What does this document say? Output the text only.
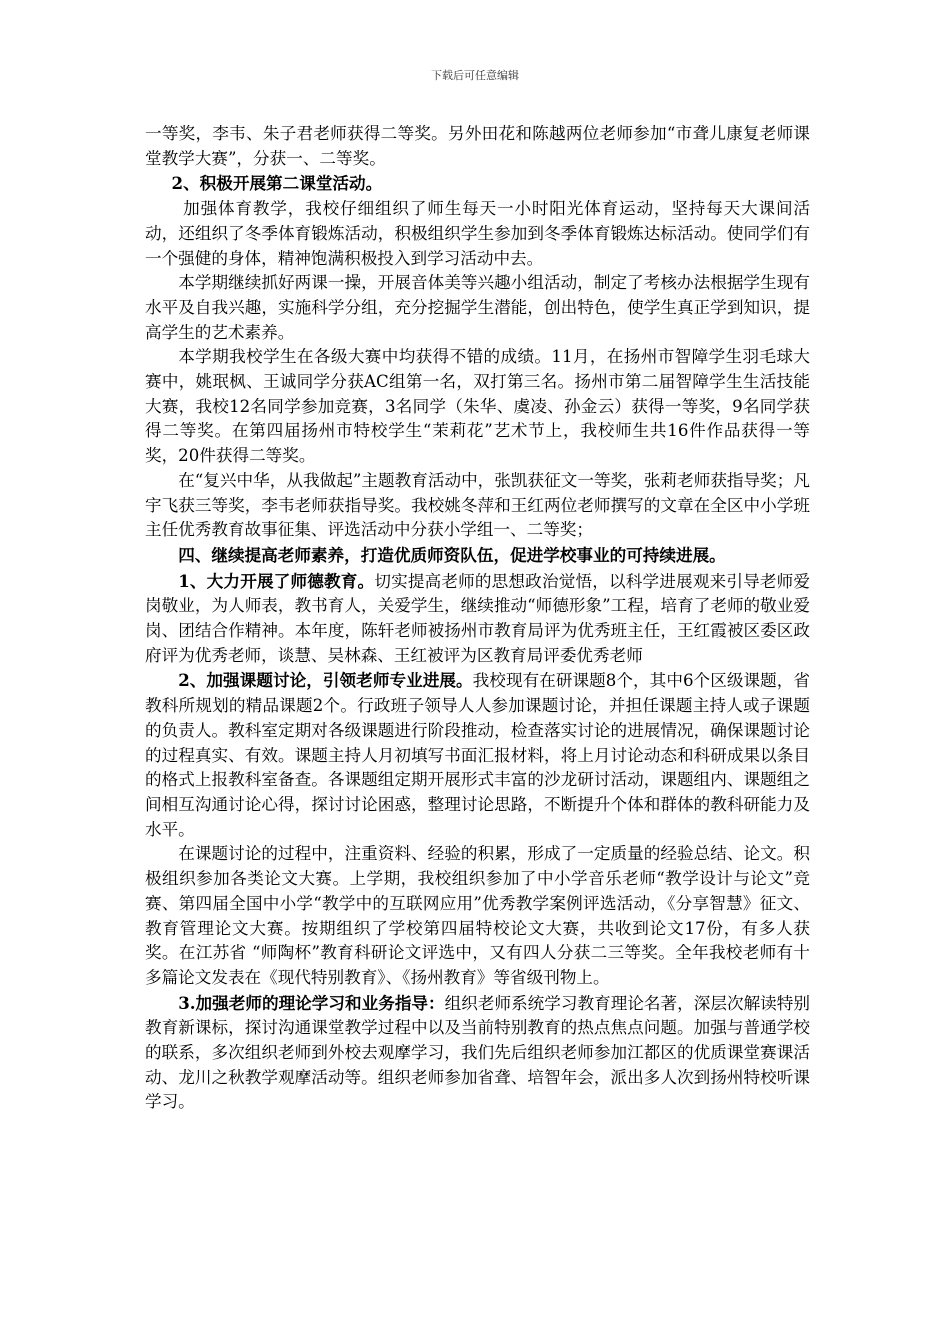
下载后可任意编辑

一等奖，李韦、朱子君老师获得二等奖。另外田花和陈越两位老师参加“市聋儿康复老师课堂教学大赛”，分获一、二等奖。

2、积极开展第二课堂活动。

加强体育教学，我校仔细组织了师生每天一小时阳光体育运动，坚持每天大课间活动，还组织了冬季体育锻炼活动，积极组织学生参加到冬季体育锻炼达标活动。使同学们有一个强健的身体，精神饱满积极投入到学习活动中去。

本学期继续抓好两课一操，开展音体美等兴趣小组活动，制定了考核办法根据学生现有水平及自我兴趣，实施科学分组，充分挖掘学生潜能，创出特色，使学生真正学到知识，提高学生的艺术素养。

本学期我校学生在各级大赛中均获得不错的成绩。11月，在扬州市智障学生羽毛球大赛中，姚珉枫、王诚同学分获AC组第一名，双打第三名。扬州市第二届智障学生生活技能大赛，我校12名同学参加竞赛，3名同学（朱华、虞凌、孙金云）获得一等奖，9名同学获得二等奖。在第四届扬州市特校学生“茉莉花”艺术节上，我校师生共16件作品获得一等奖，20件获得二等奖。

在“复兴中华，从我做起”主题教育活动中，张凯获征文一等奖，张莉老师获指导奖；凡宇飞获三等奖，李韦老师获指导奖。我校姚冬萍和王红两位老师撰写的文章在全区中小学班主任优秀教育故事征集、评选活动中分获小学组一、二等奖；

四、继续提高老师素养，打造优质师资队伍，促进学校事业的可持续进展。

1、大力开展了师德教育。切实提高老师的思想政治觉悟，以科学进展观来引导老师爱岗敬业，为人师表，教书育人，关爱学生，继续推动“师德形象”工程，培育了老师的敬业爱岗、团结合作精神。本年度，陈轩老师被扬州市教育局评为优秀班主任，王红霞被区委区政府评为优秀老师，谈慧、吴林森、王红被评为区教育局评委优秀老师

2、加强课题讨论，引领老师专业进展。我校现有在研课题8个，其中6个区级课题，省教科所规划的精品课题2个。行政班子领导人人参加课题讨论，并担任课题主持人或子课题的负责人。教科室定期对各级课题进行阶段推动，检查落实讨论的进展情况，确保课题讨论的过程真实、有效。课题主持人月初填写书面汇报材料，将上月讨论动态和科研成果以条目的格式上报教科室备查。各课题组定期开展形式丰富的沙龙研讨活动，课题组内、课题组之间相互沟通讨论心得，探讨讨论困惑，整理讨论思路，不断提升个体和群体的教科研能力及水平。

在课题讨论的过程中，注重资料、经验的积累，形成了一定质量的经验总结、论文。积极组织参加各类论文大赛。上学期，我校组织参加了中小学音乐老师“教学设计与论文”竞赛、第四届全国中小学“教学中的互联网应用”优秀教学案例评选活动，《分享智慧》征文、教育管理论文大赛。按期组织了学校第四届特校论文大赛，共收到论文17份，有多人获奖。在江苏省 “师陶杯”教育科研论文评选中，又有四人分获二三等奖。全年我校老师有十多篇论文发表在《现代特别教育》、《扬州教育》等省级刊物上。

3.加强老师的理论学习和业务指导：组织老师系统学习教育理论名著，深层次解读特别教育新课标，探讨沟通课堂教学过程中以及当前特别教育的热点焦点问题。加强与普通学校的联系，多次组织老师到外校去观摩学习，我们先后组织老师参加江都区的优质课堂赛课活动、龙川之秋教学观摩活动等。组织老师参加省聋、培智年会，派出多人次到扬州特校听课学习。
